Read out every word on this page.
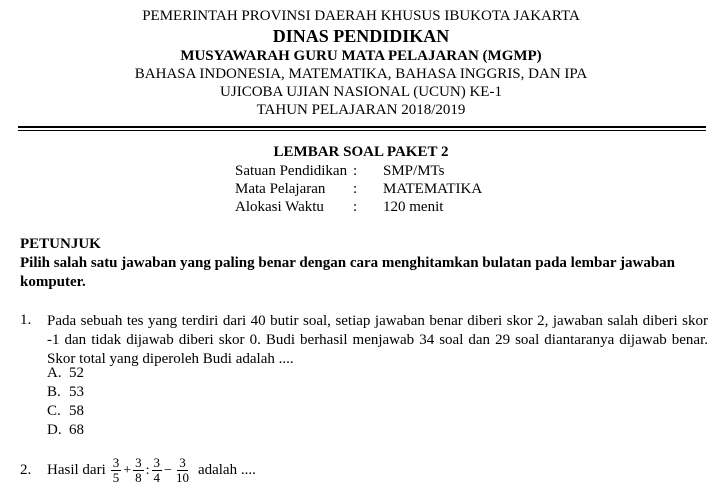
PEMERINTAH PROVINSI DAERAH KHUSUS IBUKOTA JAKARTA
DINAS PENDIDIKAN
MUSYAWARAH GURU MATA PELAJARAN (MGMP)
BAHASA INDONESIA, MATEMATIKA, BAHASA INGGRIS, DAN IPA
UJICOBA UJIAN NASIONAL (UCUN) KE-1
TAHUN PELAJARAN 2018/2019
LEMBAR SOAL PAKET 2
Satuan Pendidikan : SMP/MTs
Mata Pelajaran : MATEMATIKA
Alokasi Waktu : 120 menit
PETUNJUK
Pilih salah satu jawaban yang paling benar dengan cara menghitamkan bulatan pada lembar jawaban komputer.
1. Pada sebuah tes yang terdiri dari 40 butir soal, setiap jawaban benar diberi skor 2, jawaban salah diberi skor -1 dan tidak dijawab diberi skor 0. Budi berhasil menjawab 34 soal dan 29 soal diantaranya dijawab benar. Skor total yang diperoleh Budi adalah ....
A. 52
B. 53
C. 58
D. 68
2.	Hasil dari $\frac{3}{5} + \frac{3}{8}$ : $\frac{3}{4} - \frac{3}{10}$ adalah ....
